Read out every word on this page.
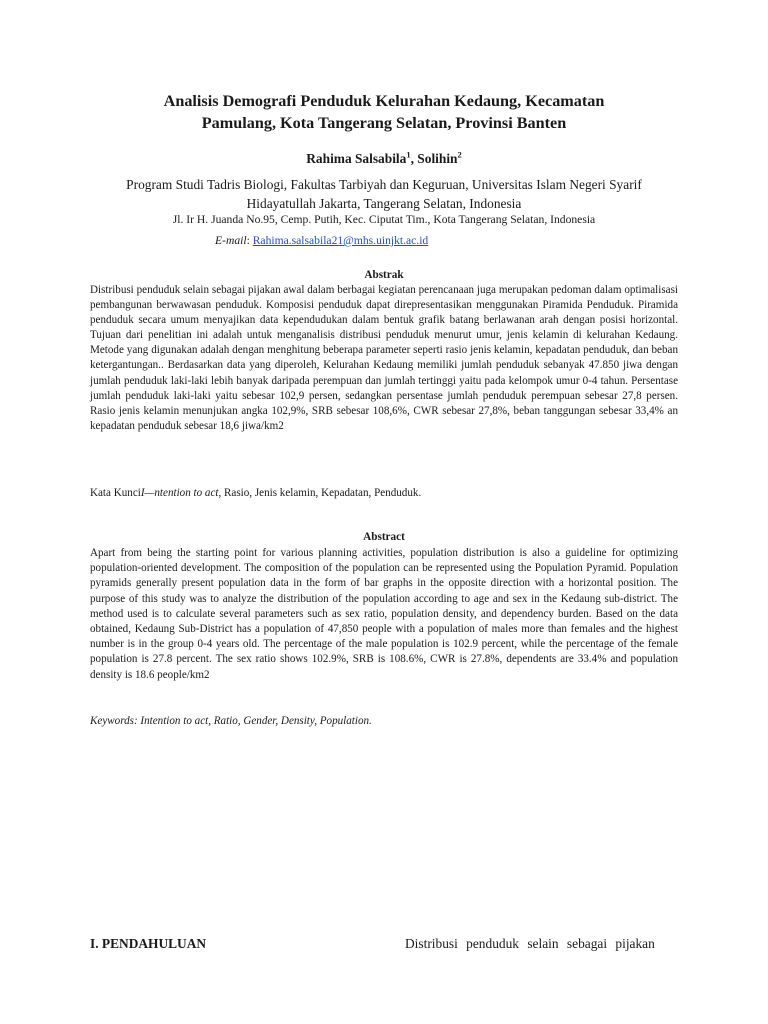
Analisis Demografi Penduduk Kelurahan Kedaung, Kecamatan
Pamulang, Kota Tangerang Selatan, Provinsi Banten
Rahima Salsabila$^1$, Solihin$^2$
Program Studi Tadris Biologi, Fakultas Tarbiyah dan Keguruan, Universitas Islam Negeri Syarif
Hidayatullah Jakarta, Tangerang Selatan, Indonesia
Jl. Ir H. Juanda No.95, Cemp. Putih, Kec. Ciputat Tim., Kota Tangerang Selatan, Indonesia
E-mail: Rahima.salsabila21@mhs.uinjkt.ac.id
Abstrak
Distribusi penduduk selain sebagai pijakan awal dalam berbagai kegiatan perencanaan juga merupakan pedoman dalam optimalisasi pembangunan berwawasan penduduk. Komposisi penduduk dapat direpresentasikan menggunakan Piramida Penduduk. Piramida penduduk secara umum menyajikan data kependudukan dalam bentuk grafik batang berlawanan arah dengan posisi horizontal. Tujuan dari penelitian ini adalah untuk menganalisis distribusi penduduk menurut umur, jenis kelamin di kelurahan Kedaung. Metode yang digunakan adalah dengan menghitung beberapa parameter seperti rasio jenis kelamin, kepadatan penduduk, dan beban ketergantungan.. Berdasarkan data yang diperoleh, Kelurahan Kedaung memiliki jumlah penduduk sebanyak 47.850 jiwa dengan jumlah penduduk laki-laki lebih banyak daripada perempuan dan jumlah tertinggi yaitu pada kelompok umur 0-4 tahun. Persentase jumlah penduduk laki-laki yaitu sebesar 102,9 persen, sedangkan persentase jumlah penduduk perempuan sebesar 27,8 persen. Rasio jenis kelamin menunjukan angka 102,9%, SRB sebesar 108,6%, CWR sebesar 27,8%, beban tanggungan sebesar 33,4% an kepadatan penduduk sebesar 18,6 jiwa/km2
Kata KunciI—ntention to act, Rasio, Jenis kelamin, Kepadatan, Penduduk.
Abstract
Apart from being the starting point for various planning activities, population distribution is also a guideline for optimizing population-oriented development. The composition of the population can be represented using the Population Pyramid. Population pyramids generally present population data in the form of bar graphs in the opposite direction with a horizontal position. The purpose of this study was to analyze the distribution of the population according to age and sex in the Kedaung sub-district. The method used is to calculate several parameters such as sex ratio, population density, and dependency burden. Based on the data obtained, Kedaung Sub-District has a population of 47,850 people with a population of males more than females and the highest number is in the group 0-4 years old. The percentage of the male population is 102.9 percent, while the percentage of the female population is 27.8 percent. The sex ratio shows 102.9%, SRB is 108.6%, CWR is 27.8%, dependents are 33.4% and population density is 18.6 people/km2
Keywords: Intention to act, Ratio, Gender, Density, Population.
I. PENDAHULUAN	Distribusi penduduk selain sebagai pijakan
